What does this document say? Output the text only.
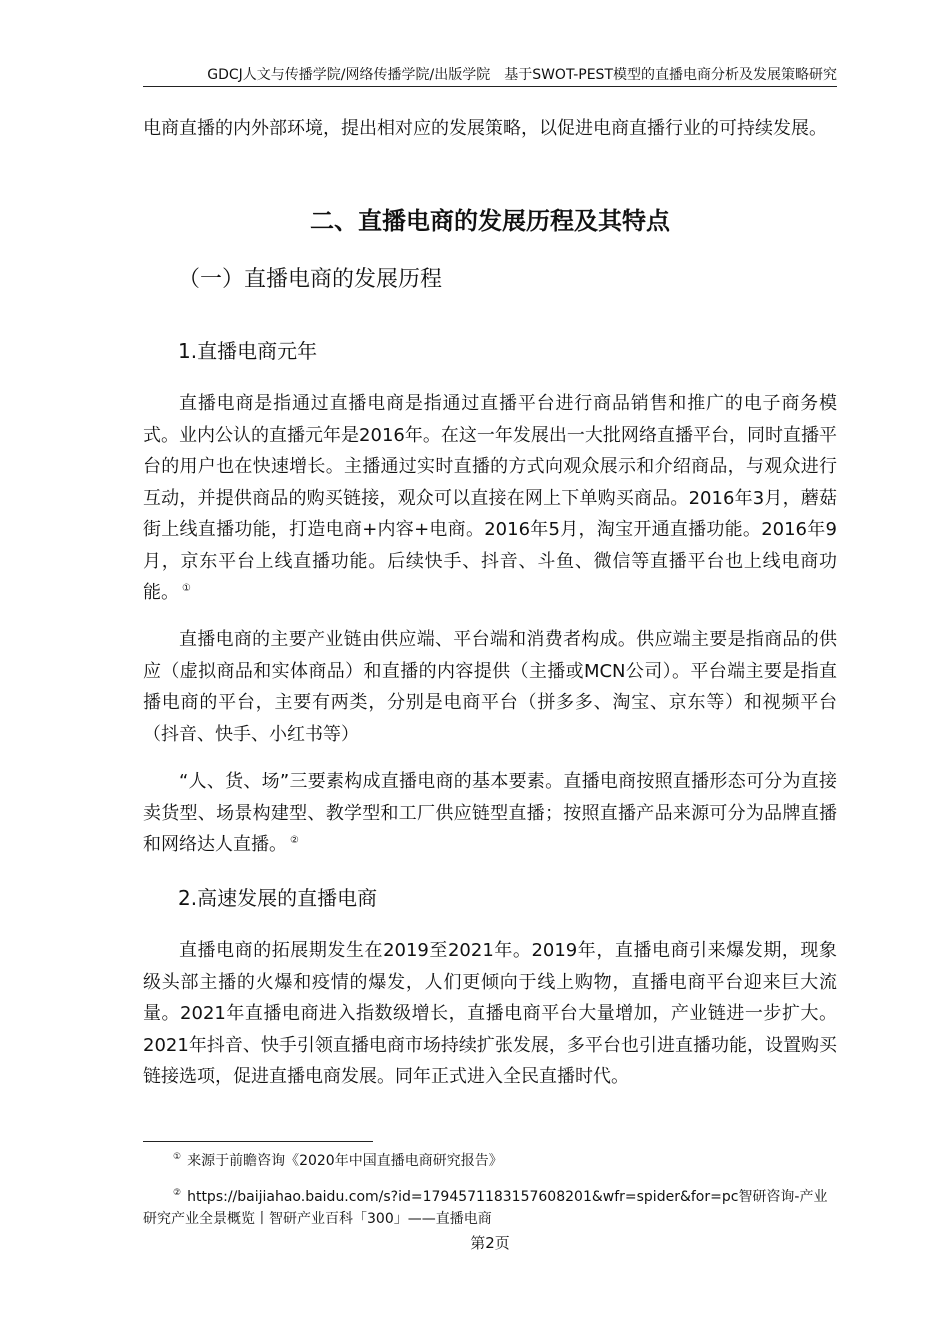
GDCJ人文与传播学院/网络传播学院/出版学院　基于SWOT-PEST模型的直播电商分析及发展策略研究

电商直播的内外部环境，提出相对应的发展策略，以促进电商直播行业的可持续发展。

二、直播电商的发展历程及其特点
（一）直播电商的发展历程
1.直播电商元年

直播电商是指通过直播电商是指通过直播平台进行商品销售和推广的电子商务模式。业内公认的直播元年是2016年。在这一年发展出一大批网络直播平台，同时直播平台的用户也在快速增长。主播通过实时直播的方式向观众展示和介绍商品，与观众进行互动，并提供商品的购买链接，观众可以直接在网上下单购买商品。2016年3月，蘑菇街上线直播功能，打造电商+内容+电商。2016年5月，淘宝开通直播功能。2016年9月，京东平台上线直播功能。后续快手、抖音、斗鱼、微信等直播平台也上线电商功能。 ①

直播电商的主要产业链由供应端、平台端和消费者构成。供应端主要是指商品的供应（虚拟商品和实体商品）和直播的内容提供（主播或MCN公司）。平台端主要是指直播电商的平台，主要有两类，分别是电商平台（拼多多、淘宝、京东等）和视频平台（抖音、快手、小红书等）

“人、货、场”三要素构成直播电商的基本要素。直播电商按照直播形态可分为直接卖货型、场景构建型、教学型和工厂供应链型直播；按照直播产品来源可分为品牌直播和网络达人直播。 ②

2.高速发展的直播电商

直播电商的拓展期发生在2019至2021年。2019年，直播电商引来爆发期，现象级头部主播的火爆和疫情的爆发，人们更倾向于线上购物，直播电商平台迎来巨大流量。2021年直播电商进入指数级增长，直播电商平台大量增加，产业链进一步扩大。2021年抖音、快手引领直播电商市场持续扩张发展，多平台也引进直播功能，设置购买链接选项，促进直播电商发展。同年正式进入全民直播时代。

① 来源于前瞻咨询《2020年中国直播电商研究报告》

② https://baijiahao.baidu.com/s?id=1794571183157608201&wfr=spider&for=pc智研咨询-产业研究产业全景概览丨智研产业百科「300」——直播电商

第2页
